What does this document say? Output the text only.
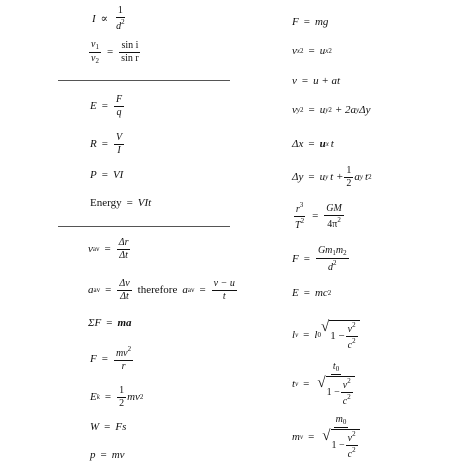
I ∝
1
$d^2$
$\frac{v_1}{v_2} = \frac{\text{sin i}}{\text{sin r}}$
$E = \frac{F}{q}$
$R = \frac{V}{I}$
P = VI
Energy = VIt
v av = $\frac{\Delta r}{\Delta t}$
a av = $\frac{\Delta v}{\Delta t}$ therefore a av = $\frac{v - u}{t}$
ΣF = ma
$F = \frac{mv^2}{r}$
E $k = \frac{1}{2}$ mv 2
W = Fs
p = mv
F = mg
v x 2 = u x 2
v = u + at
v y 2 = u y 2 + 2a y Δy
Δx = u x t
Δy = u y $t + \frac{1}{2}$ a y t 2
$\frac{r^3}{T^2} = \frac{GM}{4\pi^2}$
$F = \frac{Gm_1m_2}{d^2}$
E = mc 2
l v = l 0 √
$1 - \frac{v^2}{c^2}$
t $v = t_0$
√
$1 - \frac{v^2}{c^2}$
m $v = m_0$
√
$1 - \frac{v^2}{c^2}$
